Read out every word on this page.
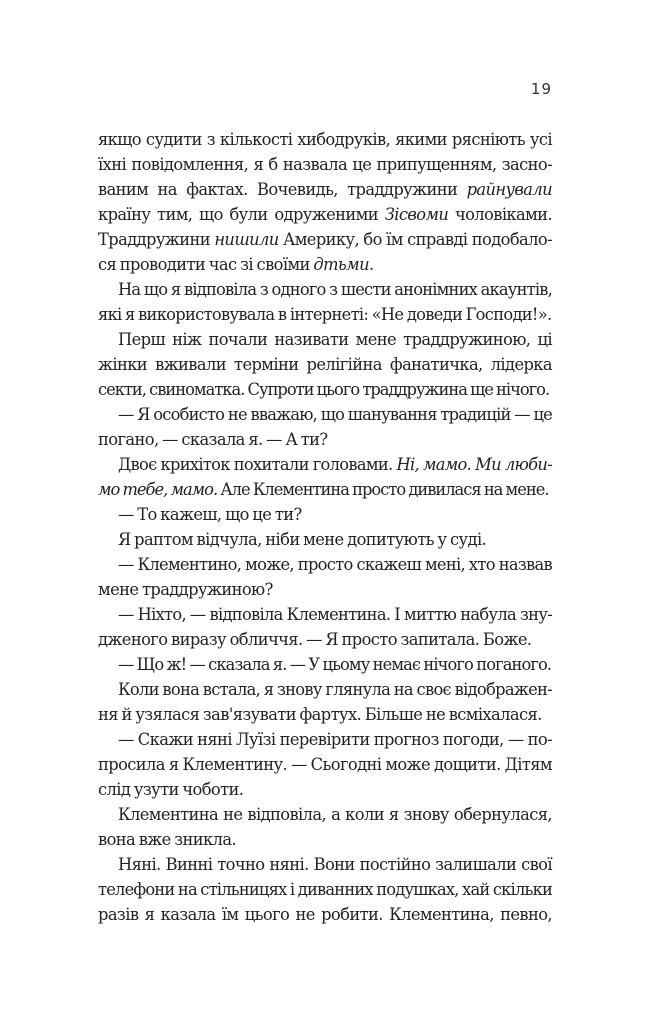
19
якщо судити з кількості хибодруків, якими рясніють усі
їхні повідомлення, я б назвала це припущенням, засно-
ваним на фактах. Вочевидь, траддружини райнували
країну тим, що були одруженими Зісвоми чоловіками.
Траддружини нишили Америку, бо їм справді подобало-
ся проводити час зі своїми дтьми.
На що я відповіла з одного з шести анонімних акаунтів,
які я використовувала в інтернеті: «Не доведи Господи!».
Перш ніж почали називати мене траддружиною, ці
жінки вживали терміни релігійна фанатичка, лідерка
секти, свиноматка. Супроти цього траддружина ще нічого.
— Я особисто не вважаю, що шанування традицій — це
погано, — сказала я. — А ти?
Двоє крихіток похитали головами. Ні, мамо. Ми люби-
мо тебе, мамо. Але Клементина просто дивилася на мене.
— То кажеш, що це ти?
Я раптом відчула, ніби мене допитують у суді.
— Клементино, може, просто скажеш мені, хто назвав
мене траддружиною?
— Ніхто, — відповіла Клементина. І миттю набула зну-
дженого виразу обличчя. — Я просто запитала. Боже.
— Що ж! — сказала я. — У цьому немає нічого поганого.
Коли вона встала, я знову глянула на своє відображен-
ня й узялася зав'язувати фартух. Більше не всміхалася.
— Скажи няні Луїзі перевірити прогноз погоди, — по-
просила я Клементину. — Сьогодні може дощити. Дітям
слід узути чоботи.
Клементина не відповіла, а коли я знову обернулася,
вона вже зникла.
Няні. Винні точно няні. Вони постійно залишали свої
телефони на стільницях і диванних подушках, хай скільки
разів я казала їм цього не робити. Клементина, певно,
